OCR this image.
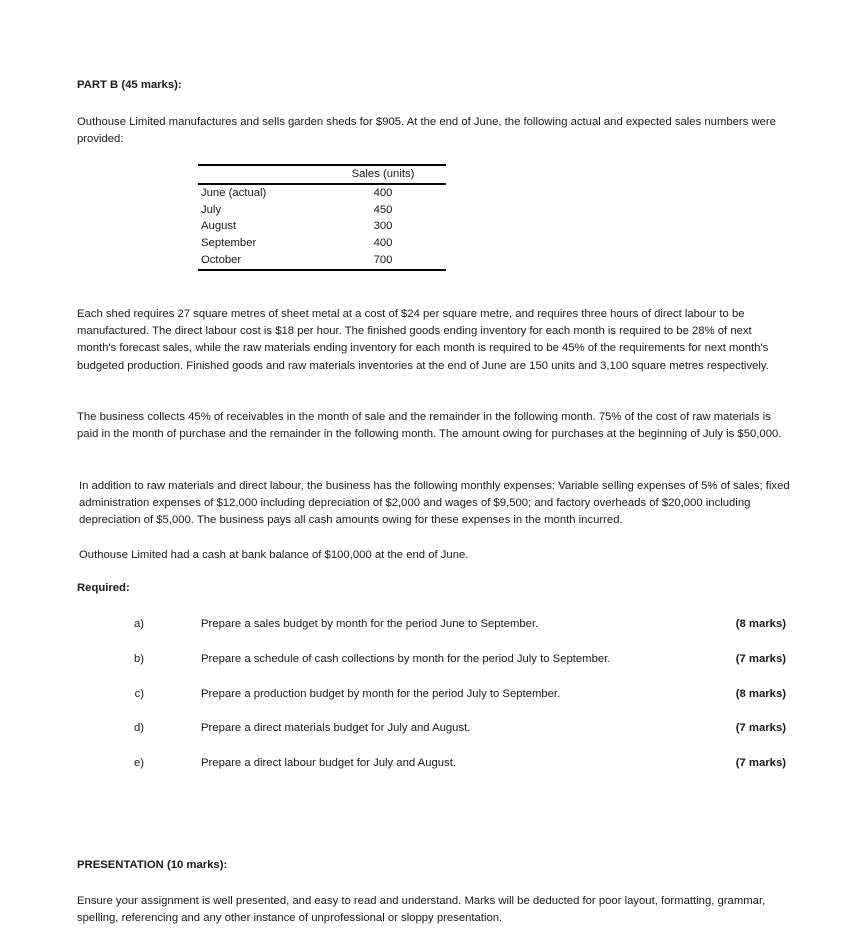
PART B (45 marks):
Outhouse Limited manufactures and sells garden sheds for $905. At the end of June, the following actual and expected sales numbers were provided:
	Sales (units)
June (actual)	400
July	450
August	300
September	400
October	700
Each shed requires 27 square metres of sheet metal at a cost of $24 per square metre, and requires three hours of direct labour to be manufactured. The direct labour cost is $18 per hour. The finished goods ending inventory for each month is required to be 28% of next month's forecast sales, while the raw materials ending inventory for each month is required to be 45% of the requirements for next month's budgeted production. Finished goods and raw materials inventories at the end of June are 150 units and 3,100 square metres respectively.
The business collects 45% of receivables in the month of sale and the remainder in the following month. 75% of the cost of raw materials is paid in the month of purchase and the remainder in the following month. The amount owing for purchases at the beginning of July is $50,000.
In addition to raw materials and direct labour, the business has the following monthly expenses: Variable selling expenses of 5% of sales; fixed administration expenses of $12,000 including depreciation of $2,000 and wages of $9,500; and factory overheads of $20,000 including depreciation of $5,000. The business pays all cash amounts owing for these expenses in the month incurred.
Outhouse Limited had a cash at bank balance of $100,000 at the end of June.
Required:
a)	Prepare a sales budget by month for the period June to September.	(8 marks)
b)	Prepare a schedule of cash collections by month for the period July to September.	(7 marks)
c)	Prepare a production budget by month for the period July to September.	(8 marks)
d)	Prepare a direct materials budget for July and August.	(7 marks)
e)	Prepare a direct labour budget for July and August.	(7 marks)
PRESENTATION (10 marks):
Ensure your assignment is well presented, and easy to read and understand. Marks will be deducted for poor layout, formatting, grammar, spelling, referencing and any other instance of unprofessional or sloppy presentation.
